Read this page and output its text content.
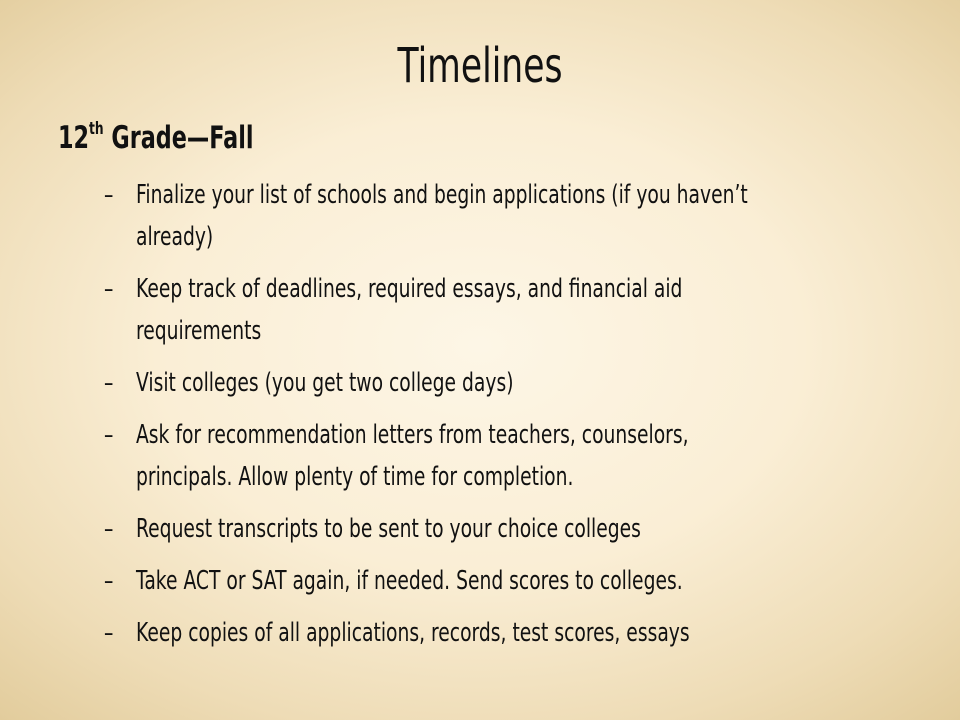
Timelines
12th Grade—Fall
– Finalize your list of schools and begin applications (if you haven’t
already)
– Keep track of deadlines, required essays, and financial aid
requirements
– Visit colleges (you get two college days)
– Ask for recommendation letters from teachers, counselors,
principals. Allow plenty of time for completion.
– Request transcripts to be sent to your choice colleges
– Take ACT or SAT again, if needed. Send scores to colleges.
– Keep copies of all applications, records, test scores, essays
